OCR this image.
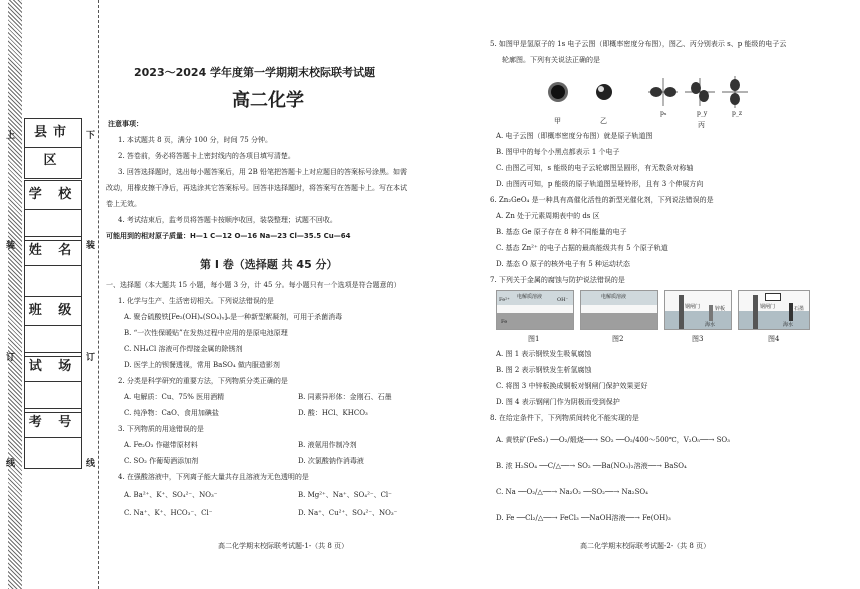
上	下
装	装
订	订
线	线
县市区
学 校
姓 名
班 级
试 场
考 号
2023～2024 学年度第一学期期末校际联考试题
高二化学
注意事项：
1. 本试题共 8 页，满分 100 分，时间 75 分钟。
2. 答卷前，务必将答题卡上密封线内的各项目填写清楚。
3. 回答选择题时，选出每小题答案后，用 2B 铅笔把答题卡上对应题目的答案标号涂黑。如需
改动，用橡皮擦干净后，再选涂其它答案标号。回答非选择题时，将答案写在答题卡上。写在本试
卷上无效。
4. 考试结束后，监考员将答题卡按顺序收回，装袋整理；试题不回收。
可能用到的相对原子质量：H—1 C—12 O—16 Na—23 Cl—35.5 Cu—64
第 Ⅰ 卷（选择题 共 45 分）
一、选择题（本大题共 15 小题，每小题 3 分，计 45 分。每小题只有一个选项是符合题意的）
1. 化学与生产、生活密切相关。下列说法错误的是
A. 聚合硫酸铁[Fe₂(OH)ₓ(SO₄)ᵧ]ₙ是一种新型絮凝剂，可用于杀菌消毒
B. “一次性保暖贴”在发热过程中应用的是原电池原理
C. NH₄Cl 溶液可作焊接金属的除锈剂
D. 医学上的钡餐透视，常用 BaSO₄ 做内服造影剂
2. 分类是科学研究的重要方法，下列物质分类正确的是
A. 电解质：Cu、75% 医用酒精	B. 同素异形体：金刚石、石墨
C. 纯净物：CaO、食用加碘盐	D. 酸：HCl、KHCO₃
3. 下列物质的用途错误的是
A. Fe₂O₃ 作磁带原材料	B. 液氨用作制冷剂
C. SO₂ 作葡萄酒添加剂	D. 次氯酸钠作消毒液
4. 在强酸溶液中，下列离子能大量共存且溶液为无色透明的是
A. Ba²⁺、K⁺、SO₄²⁻、NO₃⁻	B. Mg²⁺、Na⁺、SO₄²⁻、Cl⁻
C. Na⁺、K⁺、HCO₃⁻、Cl⁻	D. Na⁺、Cu²⁺、SO₄²⁻、NO₃⁻
高二化学期末校际联考试题-1-（共 8 页）
5. 如图甲是氢原子的 1s 电子云图（即概率密度分布图），图乙、丙分别表示 s、p 能级的电子云
轮廓图。下列有关说法正确的是
甲	乙
pₓ	p_y	p_z
丙
A. 电子云图（即概率密度分布图）就是原子轨道图
B. 图甲中的每个小黑点都表示 1 个电子
C. 由图乙可知，s 能级的电子云轮廓图呈圆形，有无数条对称轴
D. 由图丙可知，p 能级的原子轨道图呈哑铃形，且有 3 个伸展方向
6. Zn₂GeO₄ 是一种具有高催化活性的新型光催化剂，下列说法错误的是
A. Zn 处于元素周期表中的 ds 区
B. 基态 Ge 原子存在 8 种不同能量的电子
C. 基态 Zn²⁺ 的电子占据的最高能级共有 5 个原子轨道
D. 基态 O 原子的核外电子有 5 种运动状态
7. 下列关于金属的腐蚀与防护说法错误的是
电解质溶液
Fe²⁺	OH⁻
Fe
电解质溶液
钢闸门	锌板
海水
钢闸门	石墨
海水
图1	图2	图3	图4
A. 图 1 表示钢铁发生吸氧腐蚀
B. 图 2 表示钢铁发生析氢腐蚀
C. 将图 3 中锌板换成铜板对钢闸门保护效果更好
D. 图 4 表示钢闸门作为阴极而受到保护
8. 在给定条件下，下列物质间转化不能实现的是
A. 黄铁矿(FeS₂) ──O₂/煅烧──→ SO₂ ──O₂/400～500℃，V₂O₅──→ SO₃
B. 浓 H₂SO₄ ──C/△──→ SO₂ ──Ba(NO₃)₂溶液──→ BaSO₄
C. Na ──O₂/△──→ Na₂O₂ ──SO₂──→ Na₂SO₄
D. Fe ──Cl₂/△──→ FeCl₃ ──NaOH溶液──→ Fe(OH)₃
高二化学期末校际联考试题-2-（共 8 页）
